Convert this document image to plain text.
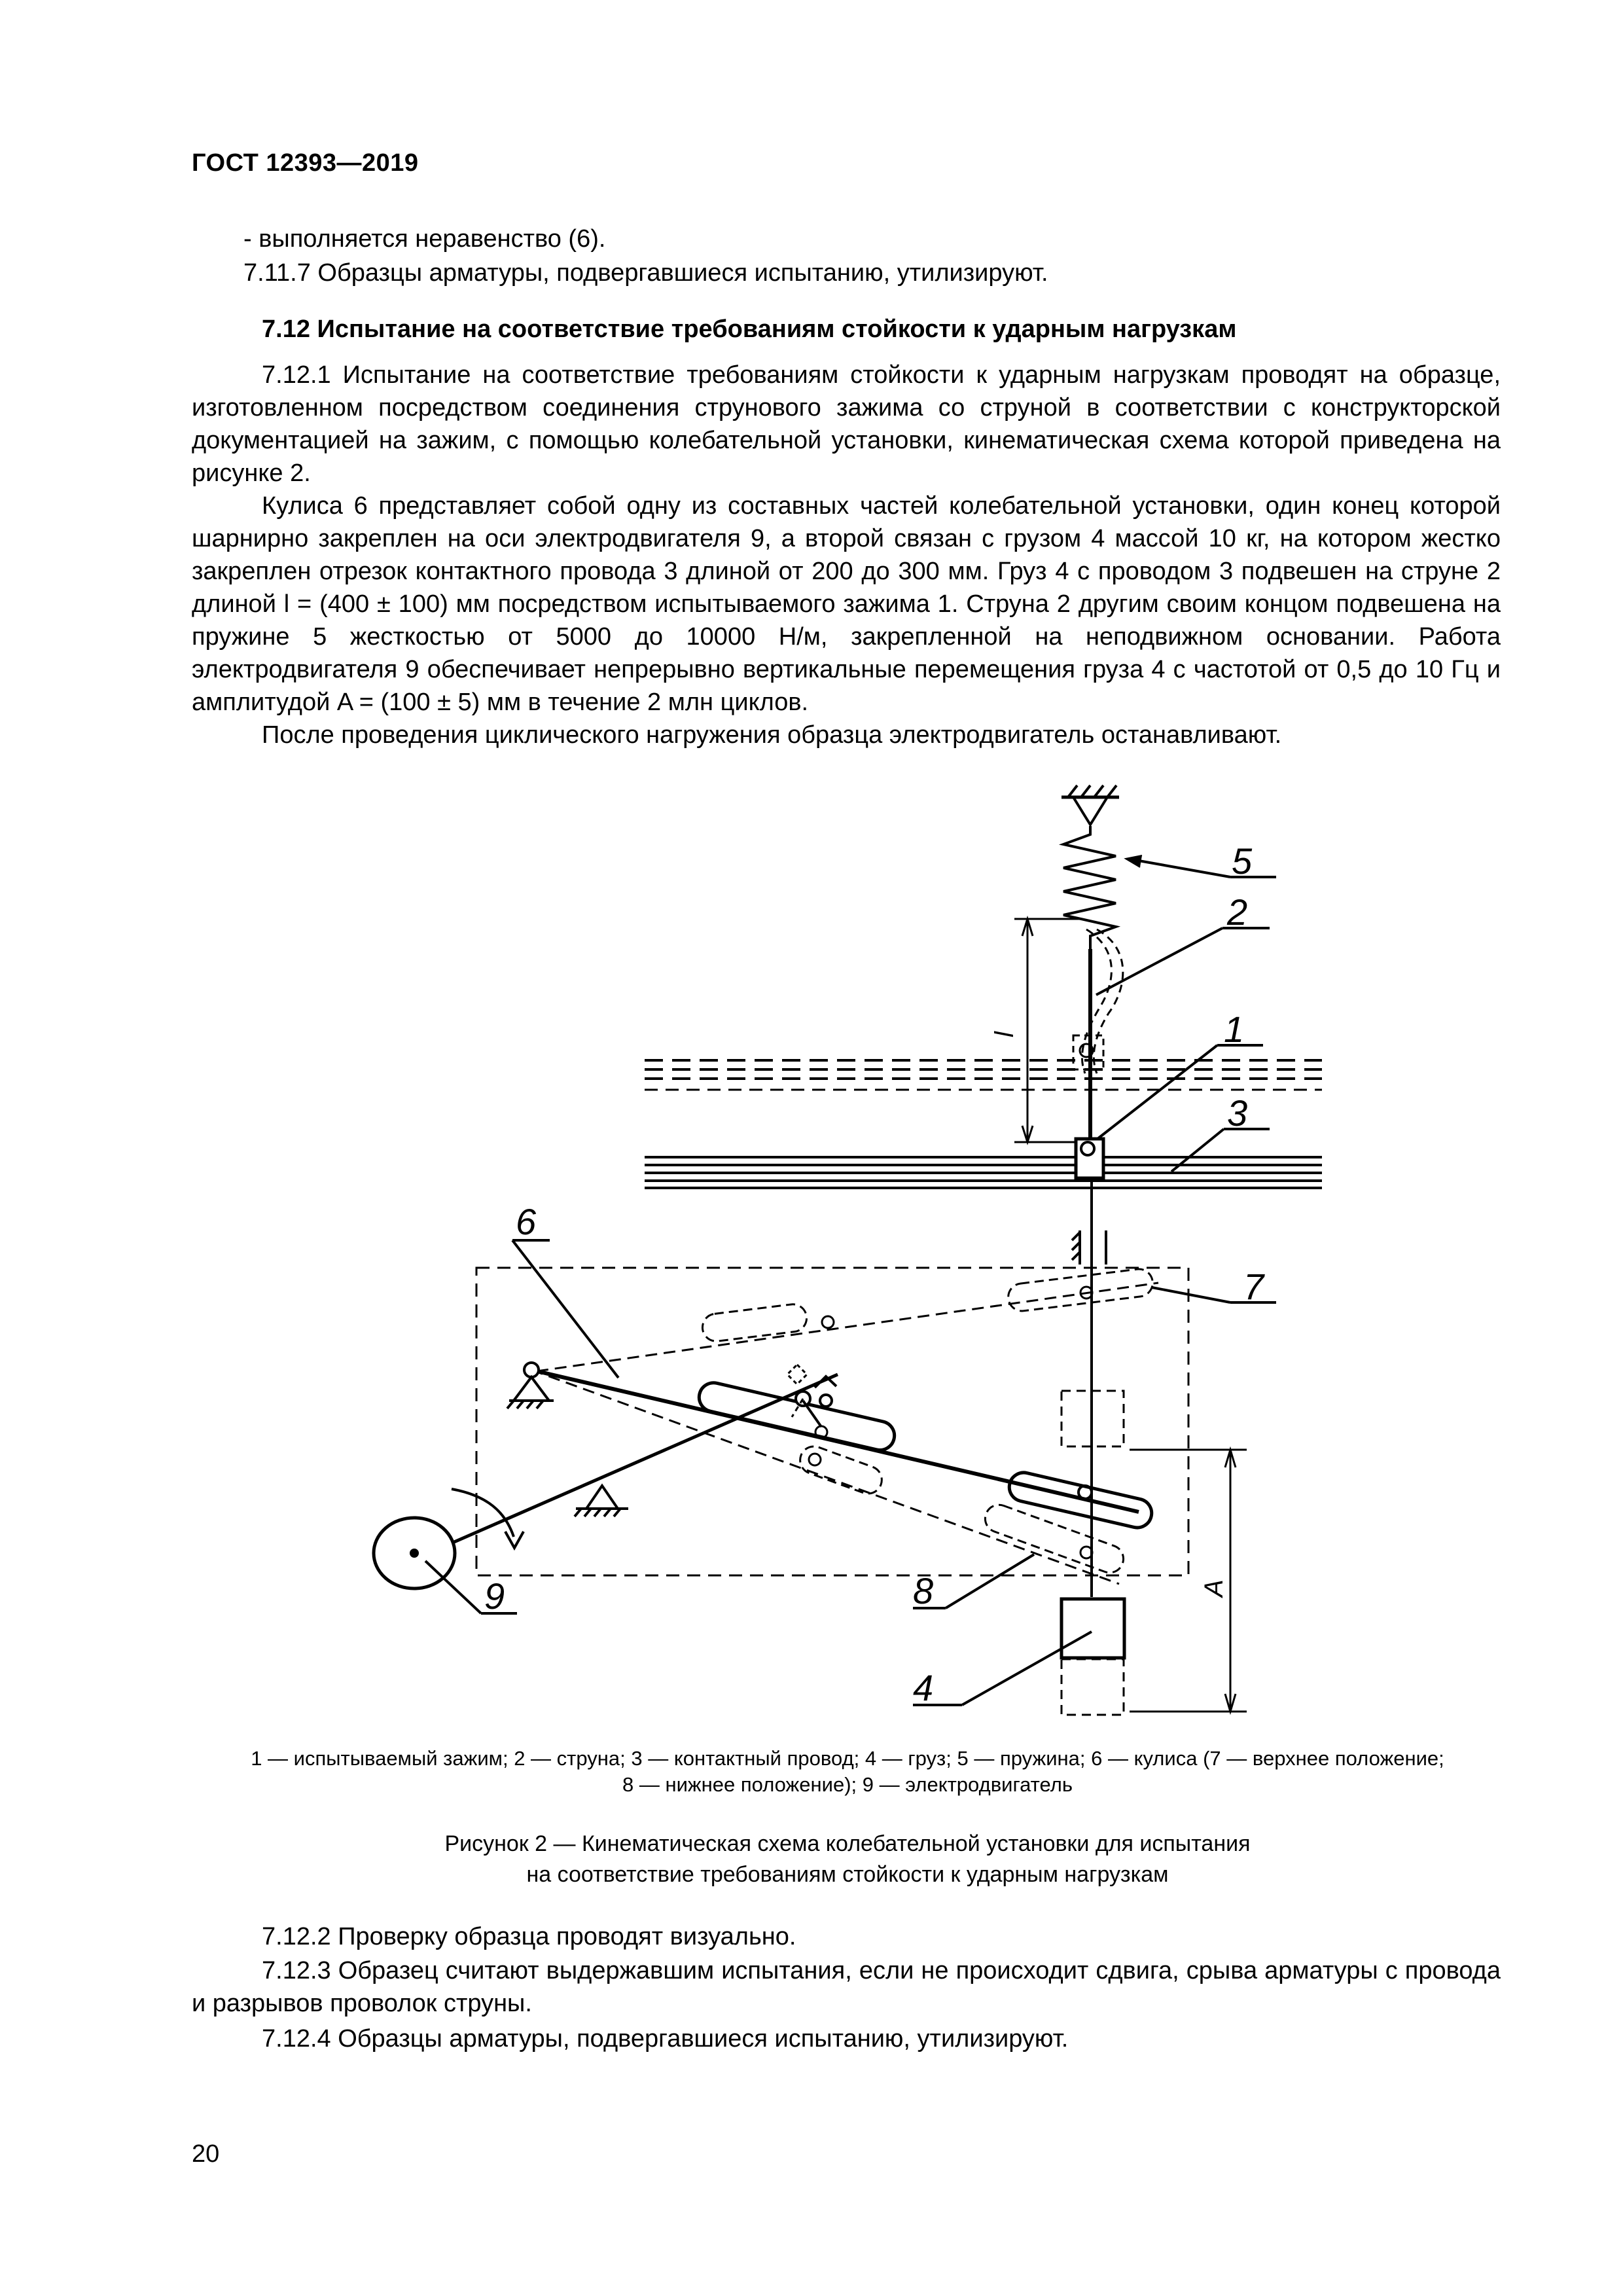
ГОСТ 12393—2019
- выполняется неравенство (6).
7.11.7 Образцы арматуры, подвергавшиеся испытанию, утилизируют.
7.12 Испытание на соответствие требованиям стойкости к ударным нагрузкам
7.12.1 Испытание на соответствие требованиям стойкости к ударным нагрузкам проводят на образце, изготовленном посредством соединения струнового зажима со струной в соответствии с конструкторской документацией на зажим, с помощью колебательной установки, кинематическая схема которой приведена на рисунке 2.
Кулиса 6 представляет собой одну из составных частей колебательной установки, один конец которой шарнирно закреплен на оси электродвигателя 9, а второй связан с грузом 4 массой 10 кг, на котором жестко закреплен отрезок контактного провода 3 длиной от 200 до 300 мм. Груз 4 с проводом 3 подвешен на струне 2 длиной l = (400 ± 100) мм посредством испытываемого зажима 1. Струна 2 другим своим концом подвешена на пружине 5 жесткостью от 5000 до 10000 Н/м, закрепленной на неподвижном основании. Работа электродвигателя 9 обеспечивает непрерывно вертикальные перемещения груза 4 с частотой от 0,5 до 10 Гц и амплитудой A = (100 ± 5) мм в течение 2 млн циклов.
После проведения циклического нагружения образца электродвигатель останавливают.
5
2
1
3
6
7
8
4
9
l
A
1 — испытываемый зажим; 2 — струна; 3 — контактный провод; 4 — груз; 5 — пружина; 6 — кулиса (7 — верхнее положение;
8 — нижнее положение); 9 — электродвигатель
Рисунок 2 — Кинематическая схема колебательной установки для испытания
на соответствие требованиям стойкости к ударным нагрузкам
7.12.2 Проверку образца проводят визуально.
7.12.3 Образец считают выдержавшим испытания, если не происходит сдвига, срыва арматуры с провода и разрывов проволок струны.
7.12.4 Образцы арматуры, подвергавшиеся испытанию, утилизируют.
20
